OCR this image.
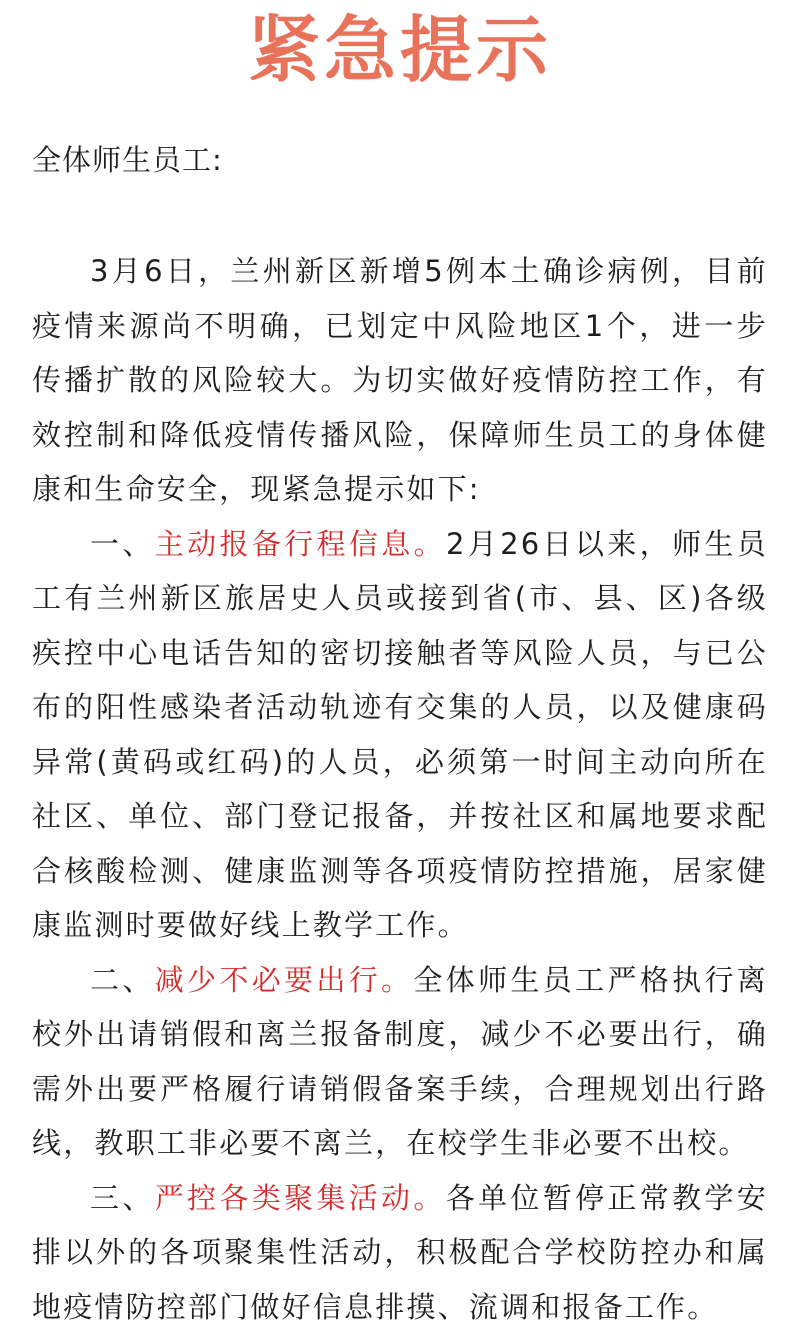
紧急提示
全体师生员工:

3月6日，兰州新区新增5例本土确诊病例，目前疫情来源尚不明确，已划定中风险地区1个，进一步传播扩散的风险较大。为切实做好疫情防控工作，有效控制和降低疫情传播风险，保障师生员工的身体健康和生命安全，现紧急提示如下:

一、主动报备行程信息。2月26日以来，师生员工有兰州新区旅居史人员或接到省(市、县、区)各级疾控中心电话告知的密切接触者等风险人员，与已公布的阳性感染者活动轨迹有交集的人员，以及健康码异常(黄码或红码)的人员，必须第一时间主动向所在社区、单位、部门登记报备，并按社区和属地要求配合核酸检测、健康监测等各项疫情防控措施，居家健康监测时要做好线上教学工作。

二、减少不必要出行。全体师生员工严格执行离校外出请销假和离兰报备制度，减少不必要出行，确需外出要严格履行请销假备案手续，合理规划出行路线，教职工非必要不离兰，在校学生非必要不出校。

三、严控各类聚集活动。各单位暂停正常教学安排以外的各项聚集性活动，积极配合学校防控办和属地疫情防控部门做好信息排摸、流调和报备工作。
